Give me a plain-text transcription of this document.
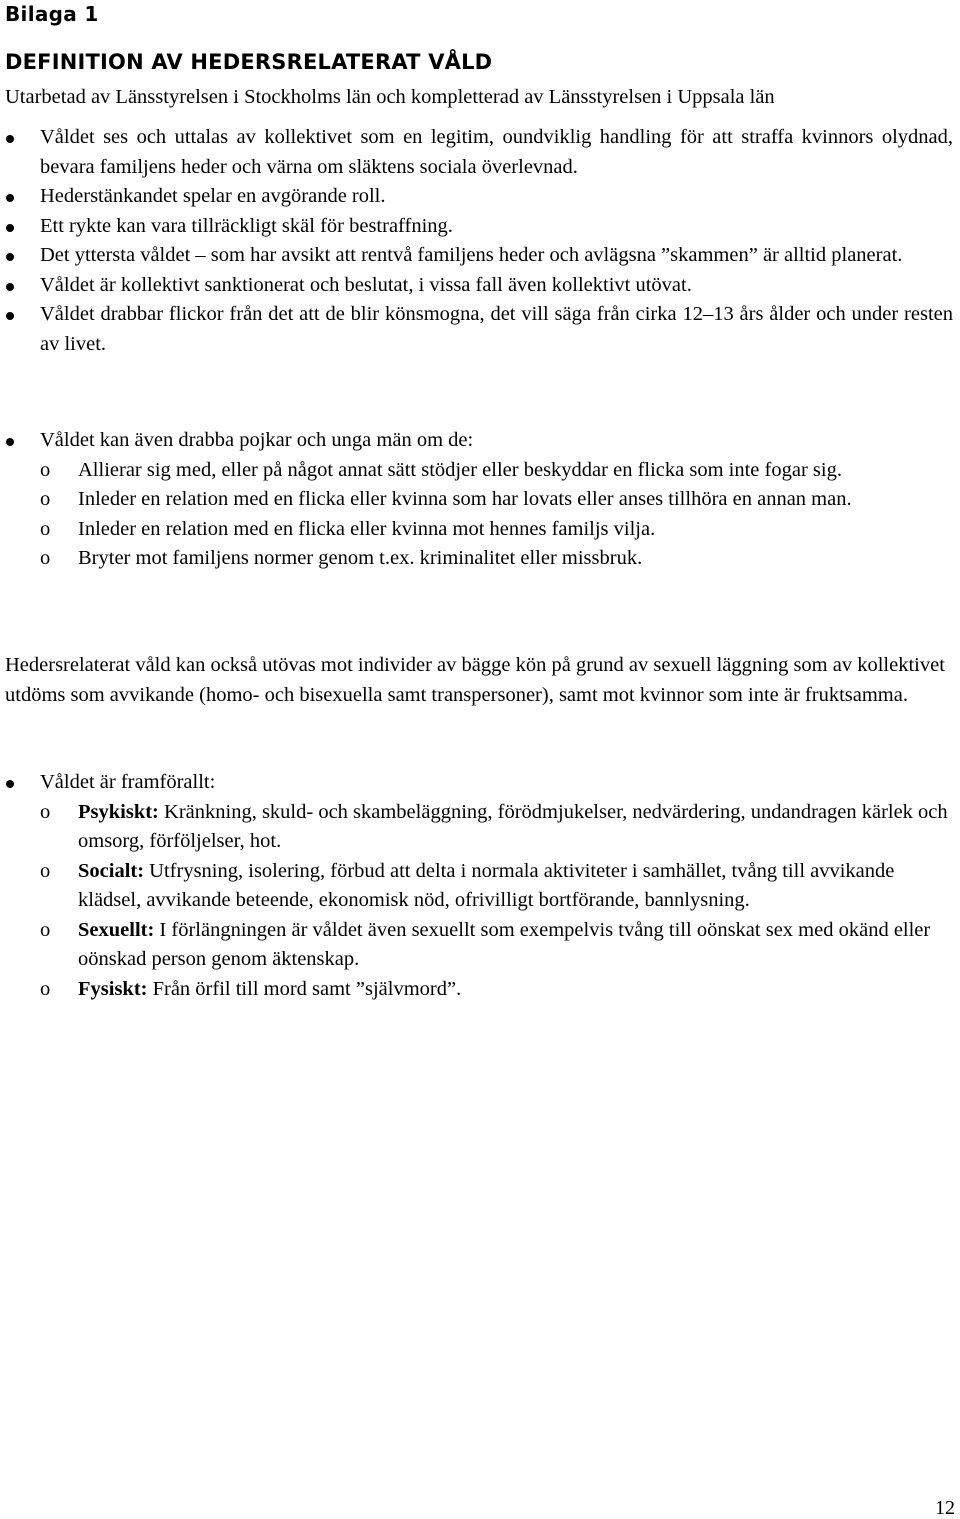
Bilaga 1
DEFINITION AV HEDERSRELATERAT VÅLD
Utarbetad av Länsstyrelsen i Stockholms län och kompletterad av Länsstyrelsen i Uppsala län
Våldet ses och uttalas av kollektivet som en legitim, oundviklig handling för att straffa kvinnors olydnad, bevara familjens heder och värna om släktens sociala överlevnad.
Hederstänkandet spelar en avgörande roll.
Ett rykte kan vara tillräckligt skäl för bestraffning.
Det yttersta våldet – som har avsikt att rentvå familjens heder och avlägsna ”skammen” är alltid planerat.
Våldet är kollektivt sanktionerat och beslutat, i vissa fall även kollektivt utövat.
Våldet drabbar flickor från det att de blir könsmogna, det vill säga från cirka 12–13 års ålder och under resten av livet.
Våldet kan även drabba pojkar och unga män om de:
o Allierar sig med, eller på något annat sätt stödjer eller beskyddar en flicka som inte fogar sig.
o Inleder en relation med en flicka eller kvinna som har lovats eller anses tillhöra en annan man.
o Inleder en relation med en flicka eller kvinna mot hennes familjs vilja.
o Bryter mot familjens normer genom t.ex. kriminalitet eller missbruk.

Hedersrelaterat våld kan också utövas mot individer av bägge kön på grund av sexuell läggning som av kollektivet utdöms som avvikande (homo- och bisexuella samt transpersoner), samt mot kvinnor som inte är fruktsamma.

Våldet är framförallt:
o Psykiskt: Kränkning, skuld- och skambeläggning, förödmjukelser, nedvärdering, undandragen kärlek och omsorg, förföljelser, hot.
o Socialt: Utfrysning, isolering, förbud att delta i normala aktiviteter i samhället, tvång till avvikande klädsel, avvikande beteende, ekonomisk nöd, ofrivilligt bortförande, bannlysning.
o Sexuellt: I förlängningen är våldet även sexuellt som exempelvis tvång till oönskat sex med okänd eller oönskad person genom äktenskap.
o Fysiskt: Från örfil till mord samt ”självmord”.
12
